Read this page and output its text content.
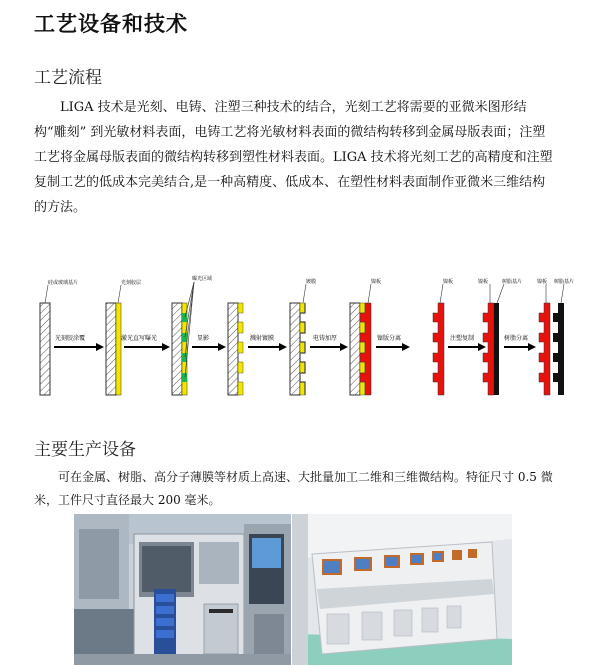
工艺设备和技术
工艺流程
LIGA 技术是光刻、电铸、注塑三种技术的结合，光刻工艺将需要的亚微米图形结构“雕刻” 到光敏材料表面，电铸工艺将光敏材料表面的微结构转移到金属母版表面；注塑工艺将金属母版表面的微结构转移到塑性材料表面。LIGA 技术将光刻工艺的高精度和注塑复制工艺的低成本完美结合,是一种高精度、低成本、在塑性材料表面制作亚微米三维结构的方法。
硅或玻璃基片
光刻胶涂覆
光刻胶层
激光直写曝光
曝光区域
显影	溅射镀膜
镀膜
电铸加厚
镍板
镍版分离
镍板
注塑复制
镍板	树脂基片
树脂分离
镍板 树脂基片
主要生产设备
可在金属、树脂、高分子薄膜等材质上高速、大批量加工二维和三维微结构。特征尺寸 0.5 微米，工件尺寸直径最大 200 毫米。
